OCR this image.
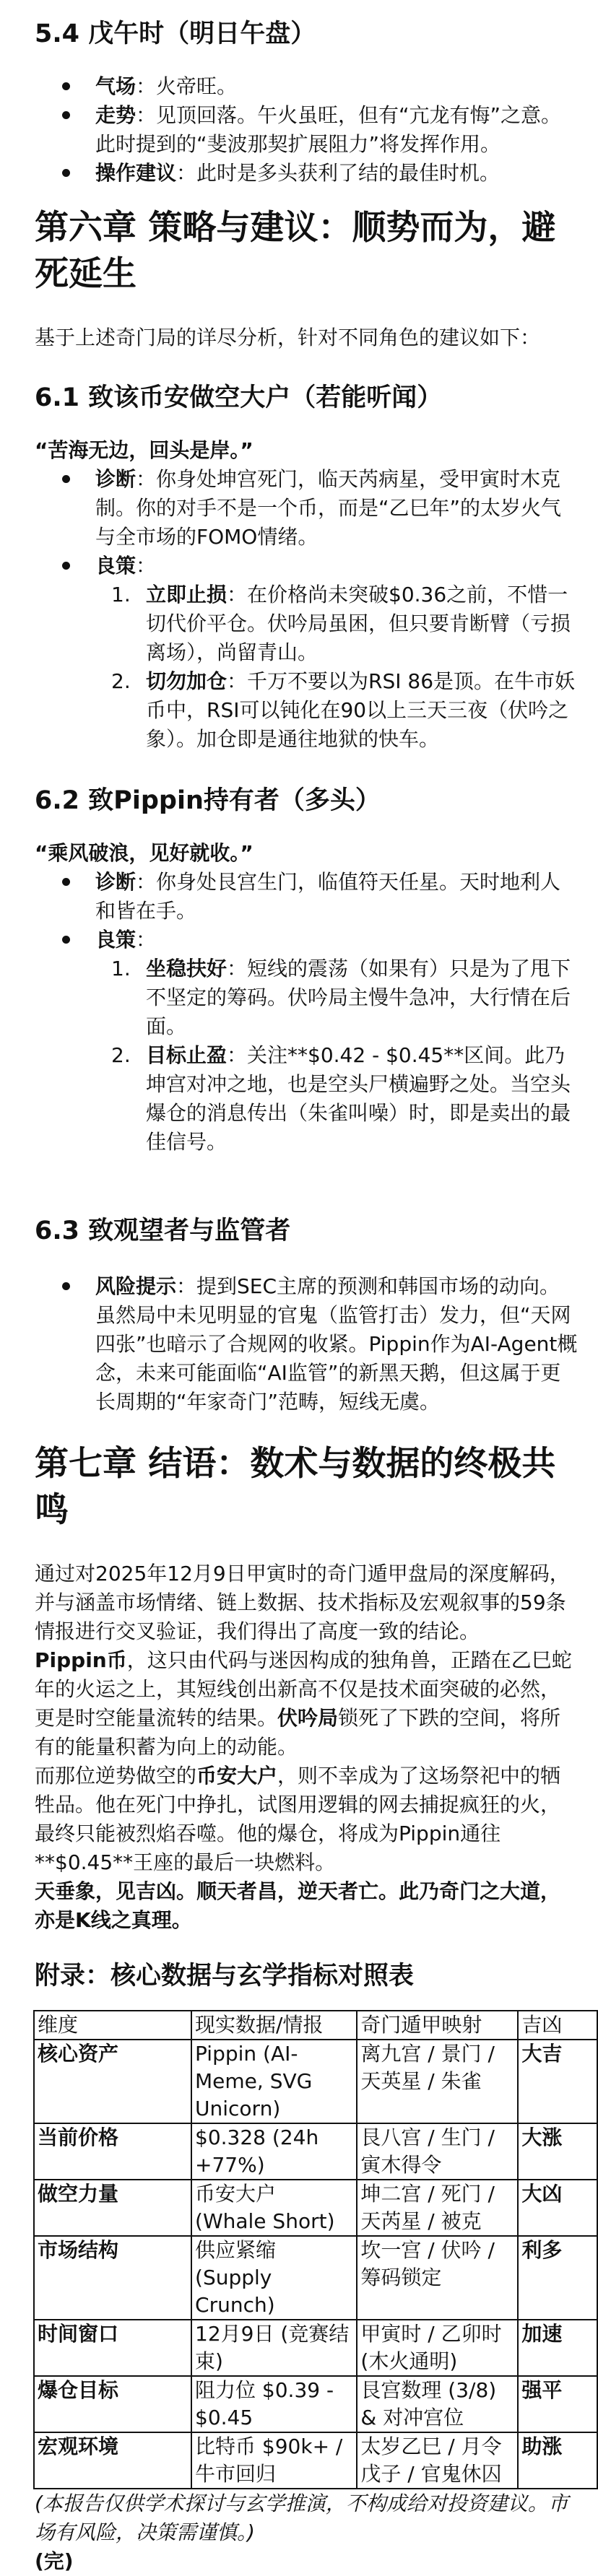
5.4 戊午时（明日午盘）
气场：火帝旺。
走势：见顶回落。午火虽旺，但有“亢龙有悔”之意。此时提到的“斐波那契扩展阻力”将发挥作用。
操作建议：此时是多头获利了结的最佳时机。
第六章 策略与建议：顺势而为，避死延生

基于上述奇门局的详尽分析，针对不同角色的建议如下：

6.1 致该币安做空大户（若能听闻）

“苦海无边，回头是岸。”

诊断：你身处坤宫死门，临天芮病星，受甲寅时木克制。你的对手不是一个币，而是“乙巳年”的太岁火气与全市场的FOMO情绪。
良策：
1. 立即止损：在价格尚未突破$0.36之前，不惜一切代价平仓。伏吟局虽困，但只要肯断臂（亏损离场），尚留青山。
2. 切勿加仓：千万不要以为RSI 86是顶。在牛市妖币中，RSI可以钝化在90以上三天三夜（伏吟之象）。加仓即是通往地狱的快车。
6.2 致Pippin持有者（多头）

“乘风破浪，见好就收。”

诊断：你身处艮宫生门，临值符天任星。天时地利人和皆在手。
良策：
1. 坐稳扶好：短线的震荡（如果有）只是为了甩下不坚定的筹码。伏吟局主慢牛急冲，大行情在后面。
2. 目标止盈：关注**$0.42 - $0.45**区间。此乃坤宫对冲之地，也是空头尸横遍野之处。当空头爆仓的消息传出（朱雀叫噪）时，即是卖出的最佳信号。
6.3 致观望者与监管者
风险提示：提到SEC主席的预测和韩国市场的动向。虽然局中未见明显的官鬼（监管打击）发力，但“天网四张”也暗示了合规网的收紧。Pippin作为AI-Agent概念，未来可能面临“AI监管”的新黑天鹅，但这属于更长周期的“年家奇门”范畴，短线无虞。
第七章 结语：数术与数据的终极共鸣

通过对2025年12月9日甲寅时的奇门遁甲盘局的深度解码，并与涵盖市场情绪、链上数据、技术指标及宏观叙事的59条情报进行交叉验证，我们得出了高度一致的结论。

Pippin币，这只由代码与迷因构成的独角兽，正踏在乙巳蛇年的火运之上，其短线创出新高不仅是技术面突破的必然，更是时空能量流转的结果。伏吟局锁死了下跌的空间，将所有的能量积蓄为向上的动能。

而那位逆势做空的币安大户，则不幸成为了这场祭祀中的牺牲品。他在死门中挣扎，试图用逻辑的网去捕捉疯狂的火，最终只能被烈焰吞噬。他的爆仓，将成为Pippin通往**$0.45**王座的最后一块燃料。

天垂象，见吉凶。顺天者昌，逆天者亡。此乃奇门之大道，亦是K线之真理。

附录：核心数据与玄学指标对照表
维度	现实数据/情报	奇门遁甲映射	吉凶
核心资产	Pippin (AI-Meme, SVG Unicorn)	离九宫 / 景门 / 天英星 / 朱雀	大吉
当前价格	$0.328 (24h +77%)	艮八宫 / 生门 / 寅木得令	大涨
做空力量	币安大户 (Whale Short)	坤二宫 / 死门 / 天芮星 / 被克	大凶
市场结构	供应紧缩 (Supply Crunch)	坎一宫 / 伏吟 / 筹码锁定	利多
时间窗口	12月9日 (竞赛结束)	甲寅时 / 乙卯时 (木火通明)	加速
爆仓目标	阻力位 $0.39 - $0.45	艮宫数理 (3/8) & 对冲宫位	强平
宏观环境	比特币 $90k+ / 牛市回归	太岁乙巳 / 月令戊子 / 官鬼休囚	助涨

(本报告仅供学术探讨与玄学推演，不构成给对投资建议。市场有风险，决策需谨慎。)

(完)
